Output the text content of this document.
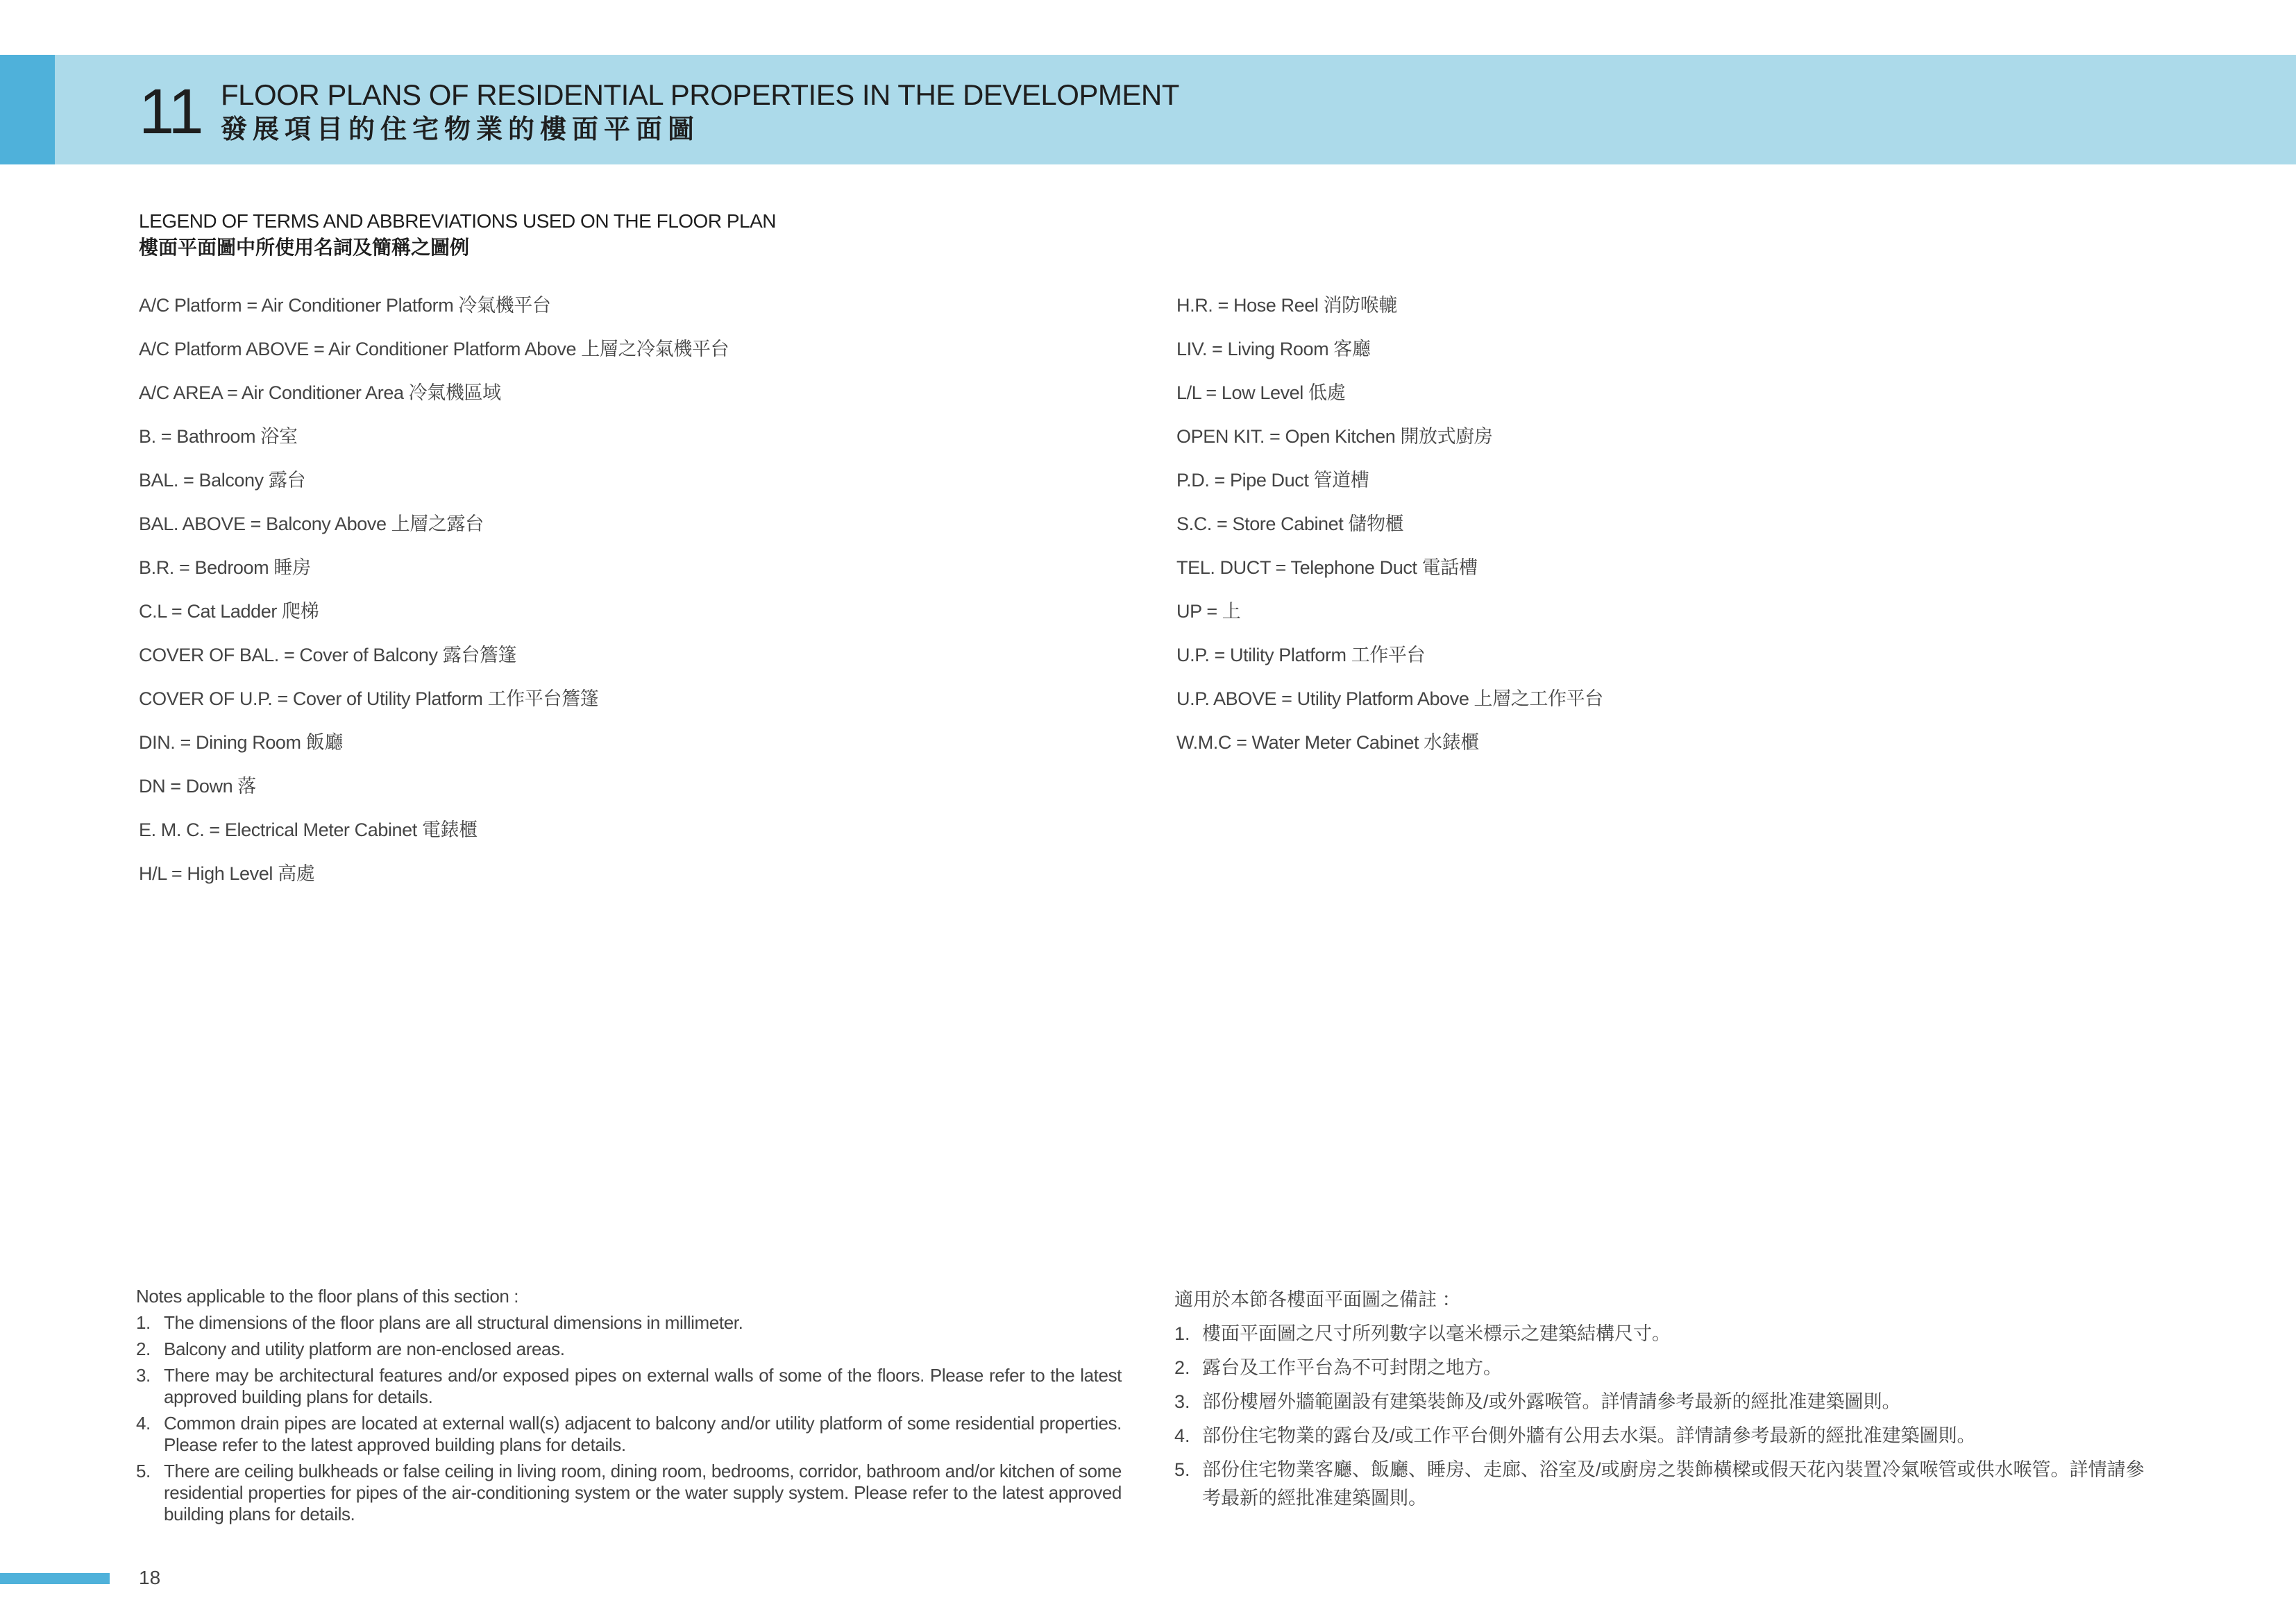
11 FLOOR PLANS OF RESIDENTIAL PROPERTIES IN THE DEVELOPMENT
發展項目的住宅物業的樓面平面圖
LEGEND OF TERMS AND ABBREVIATIONS USED ON THE FLOOR PLAN
樓面平面圖中所使用名詞及簡稱之圖例
A/C Platform = Air Conditioner Platform 冷氣機平台
A/C Platform ABOVE = Air Conditioner Platform Above 上層之冷氣機平台
A/C AREA = Air Conditioner Area 冷氣機區域
B. = Bathroom 浴室
BAL. = Balcony 露台
BAL. ABOVE = Balcony Above 上層之露台
B.R. = Bedroom 睡房
C.L = Cat Ladder 爬梯
COVER OF BAL. = Cover of Balcony 露台簷篷
COVER OF U.P. = Cover of Utility Platform 工作平台簷篷
DIN. = Dining Room 飯廳
DN = Down 落
E. M. C. = Electrical Meter Cabinet 電錶櫃
H/L = High Level 高處
H.R. = Hose Reel 消防喉轆
LIV. = Living Room 客廳
L/L = Low Level 低處
OPEN KIT. = Open Kitchen 開放式廚房
P.D. = Pipe Duct 管道槽
S.C. = Store Cabinet 儲物櫃
TEL. DUCT = Telephone Duct 電話槽
UP = 上
U.P. = Utility Platform 工作平台
U.P. ABOVE = Utility Platform Above 上層之工作平台
W.M.C = Water Meter Cabinet 水錶櫃
Notes applicable to the floor plans of this section :
1. The dimensions of the floor plans are all structural dimensions in millimeter.
2. Balcony and utility platform are non-enclosed areas.
3. There may be architectural features and/or exposed pipes on external walls of some of the floors. Please refer to the latest approved building plans for details.
4. Common drain pipes are located at external wall(s) adjacent to balcony and/or utility platform of some residential properties. Please refer to the latest approved building plans for details.
5. There are ceiling bulkheads or false ceiling in living room, dining room, bedrooms, corridor, bathroom and/or kitchen of some residential properties for pipes of the air-conditioning system or the water supply system. Please refer to the latest approved building plans for details.
適用於本節各樓面平面圖之備註 ：
1. 樓面平面圖之尺寸所列數字以毫米標示之建築結構尺寸。
2. 露台及工作平台為不可封閉之地方。
3. 部份樓層外牆範圍設有建築裝飾及/或外露喉管。詳情請參考最新的經批准建築圖則。
4. 部份住宅物業的露台及/或工作平台側外牆有公用去水渠。詳情請參考最新的經批准建築圖則。
5. 部份住宅物業客廳、飯廳、睡房、走廊、浴室及/或廚房之裝飾橫樑或假天花內裝置冷氣喉管或供水喉管。詳情請參考最新的經批准建築圖則。
18
